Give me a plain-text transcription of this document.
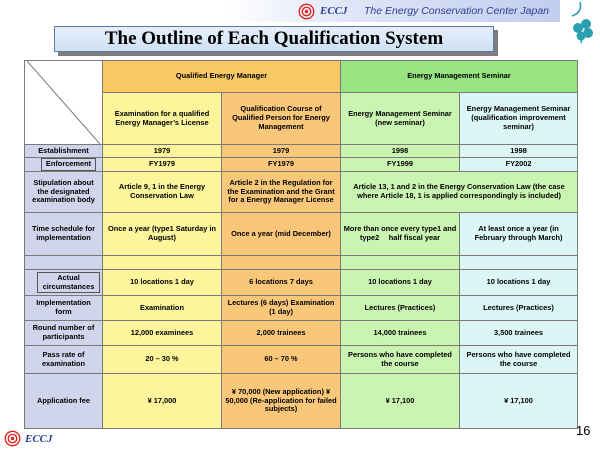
ECCJ The Energy Conservation Center Japan
The Outline of Each Qualification System
	Qualified Energy Manager		Energy Management Seminar	
	Examination for a qualified Energy Manager’s License	Qualification Course of Qualified Person for Energy Management	Energy Management Seminar (new seminar)	Energy Management Seminar (qualification improvement seminar)
Establishment	1979	1979	1998	1998
Enforcement	FY1979	FY1979	FY1999	FY2002
Stipulation about the designated examination body	Article 9, 1 in the Energy Conservation Law	Article 2 in the Regulation for the Examination and the Grant for a Energy Manager License	Article 13, 1 and 2 in the Energy Conservation Law (the case where Article 18, 1 is applied correspondingly is included)	
Time schedule for implementation	Once a year (type1 Saturday in August)	Once a year (mid December)	More than once every type1 and type2 　half fiscal year	At least once a year (in February through March)

Actual circumstances	10 locations 1 day	6 locations 7 days	10 locations 1 day	10 locations 1 day
Implementation form	Examination	Lectures (6 days) Examination (1 day)	Lectures (Practices)	Lectures (Practices)
Round number of participants	12,000 examinees	2,000 trainees	14,000 trainees	3,500 trainees
Pass rate of examination	20 – 30 %	60 – 70 %	Persons who have completed the course	Persons who have completed the course
Application fee	¥ 17,000	¥ 70,000 (New application) ¥ 50,000 (Re-application for failed subjects)	¥ 17,100	¥ 17,100
ECCJ
16
